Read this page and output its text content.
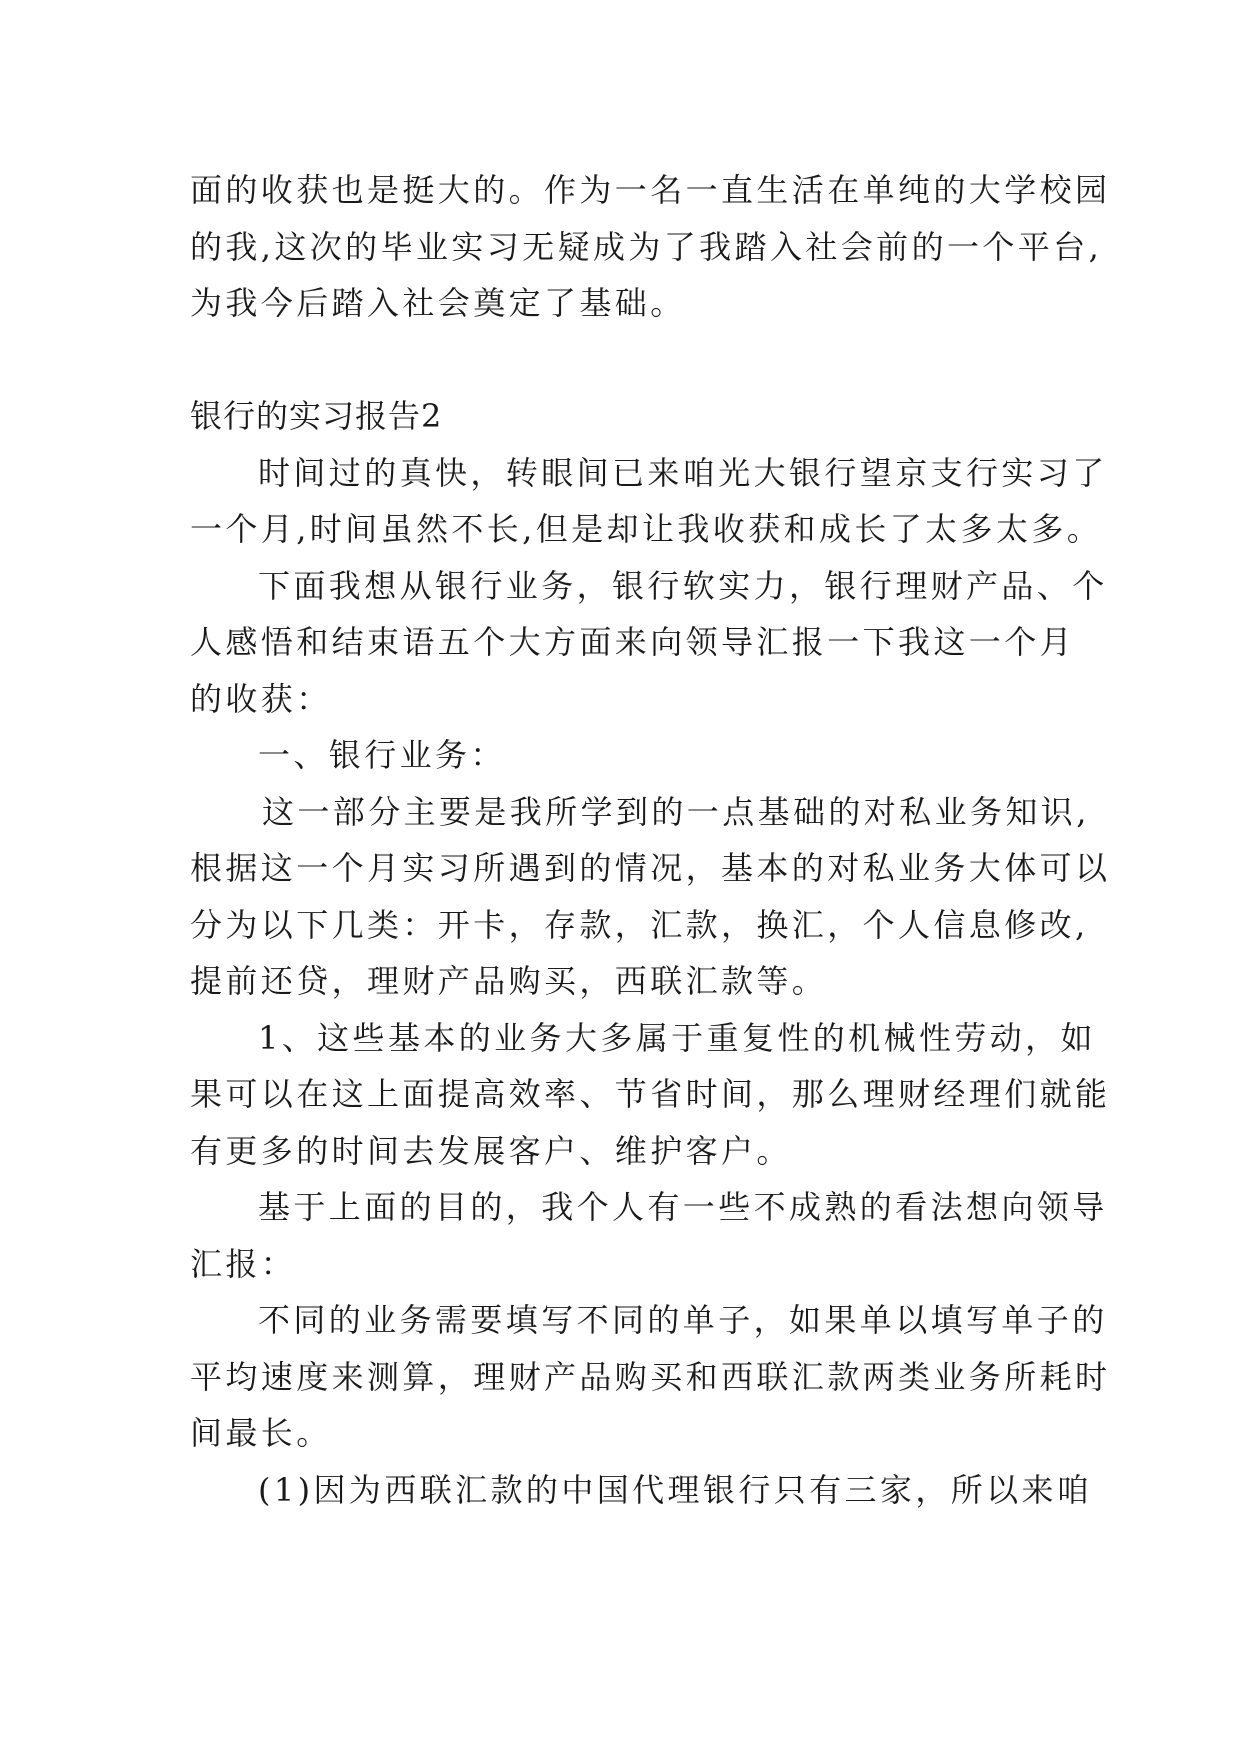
面的收获也是挺大的。作为一名一直生活在单纯的大学校园
的我,这次的毕业实习无疑成为了我踏入社会前的一个平台,
为我今后踏入社会奠定了基础。
银行的实习报告2
时间过的真快，转眼间已来咱光大银行望京支行实习了
一个月,时间虽然不长,但是却让我收获和成长了太多太多。
下面我想从银行业务，银行软实力，银行理财产品、个
人感悟和结束语五个大方面来向领导汇报一下我这一个月
的收获：
一、银行业务：
这一部分主要是我所学到的一点基础的对私业务知识,
根据这一个月实习所遇到的情况，基本的对私业务大体可以
分为以下几类：开卡，存款，汇款，换汇，个人信息修改,
提前还贷，理财产品购买，西联汇款等。
1、这些基本的业务大多属于重复性的机械性劳动，如
果可以在这上面提高效率、节省时间，那么理财经理们就能
有更多的时间去发展客户、维护客户。
基于上面的目的，我个人有一些不成熟的看法想向领导
汇报：
不同的业务需要填写不同的单子，如果单以填写单子的
平均速度来测算，理财产品购买和西联汇款两类业务所耗时
间最长。
(1)因为西联汇款的中国代理银行只有三家，所以来咱
